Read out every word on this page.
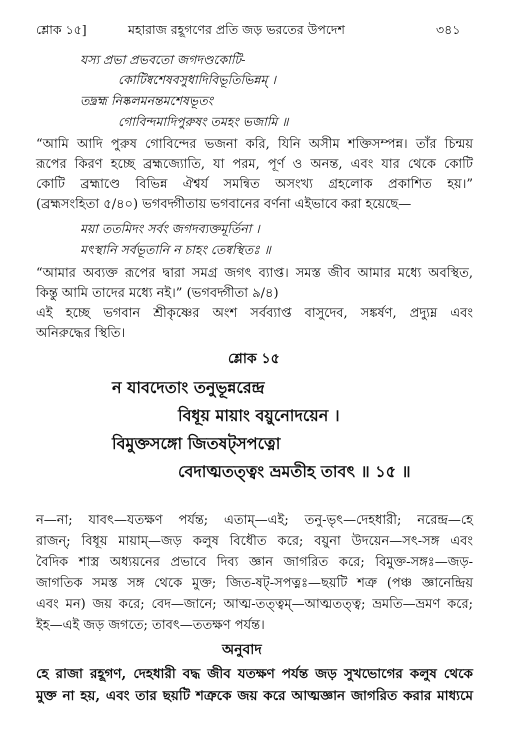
শ্লোক ১৫]	মহারাজ রহূগণের প্রতি জড় ভরতের উপদেশ	৩৪১
যস্য প্রভা প্রভবতো জগদণ্ডকোটি-
কোটিষ্বশেষবসুধাদিবিভূতিভিন্নম্ ।
তদ্ব্রহ্ম নিষ্কলমনন্তমশেষভূতং
গোবিন্দমাদিপুরুষং তমহং ভজামি ॥
“আমি আদি পুরুষ গোবিন্দের ভজনা করি, যিনি অসীম শক্তিসম্পন্ন। তাঁর চিন্ময়
রূপের কিরণ হচ্ছে ব্রহ্মজ্যোতি, যা পরম, পূর্ণ ও অনন্ত, এবং যার থেকে কোটি
কোটি ব্রহ্মাণ্ডে বিভিন্ন ঐশ্বর্য সমন্বিত অসংখ্য গ্রহলোক প্রকাশিত হয়।”
(ব্রহ্মসংহিতা ৫/৪০) ভগবদ্গীতায় ভগবানের বর্ণনা এইভাবে করা হয়েছে—
ময়া ততমিদং সর্বং জগদব্যক্তমূর্তিনা ।
মৎস্থানি সর্বভূতানি ন চাহং তেষ্বস্থিতঃ ॥
“আমার অব্যক্ত রূপের দ্বারা সমগ্র জগৎ ব্যাপ্ত। সমস্ত জীব আমার মধ্যে অবস্থিত,
কিন্তু আমি তাদের মধ্যে নই।” (ভগবদ্গীতা ৯/৪)
এই হচ্ছে ভগবান শ্রীকৃষ্ণের অংশ সর্বব্যাপ্ত বাসুদেব, সঙ্কর্ষণ, প্রদ্যুম্ন এবং
অনিরুদ্ধের স্থিতি।
শ্লোক ১৫
ন যাবদেতাং তনুভূন্নরেন্দ্র
বিধূয় মায়াং বয়ুনোদয়েন ।
বিমুক্তসঙ্গো জিতষট্সপত্নো
বেদাত্মতত্ত্বং ভ্রমতীহ তাবৎ ॥ ১৫ ॥
ন—না; যাবৎ—যতক্ষণ পর্যন্ত; এতাম্—এই; তনু-ভৃৎ—দেহধারী; নরেন্দ্র—হে
রাজন্; বিধূয় মায়াম্—জড় কলুষ বিধৌত করে; বয়ুনা উদয়েন—সৎ-সঙ্গ এবং
বৈদিক শাস্ত্র অধ্যয়নের প্রভাবে দিব্য জ্ঞান জাগরিত করে; বিমুক্ত-সঙ্গঃ—জড়-
জাগতিক সমস্ত সঙ্গ থেকে মুক্ত; জিত-ষট্-সপত্নঃ—ছয়টি শত্রু (পঞ্চ জ্ঞানেন্দ্রিয়
এবং মন) জয় করে; বেদ—জানে; আত্ম-তত্ত্বম্—আত্মতত্ত্ব; ভ্রমতি—ভ্রমণ করে;
ইহ—এই জড় জগতে; তাবৎ—ততক্ষণ পর্যন্ত।
অনুবাদ
হে রাজা রহূগণ, দেহধারী বদ্ধ জীব যতক্ষণ পর্যন্ত জড় সুখভোগের কলুষ থেকে
মুক্ত না হয়, এবং তার ছয়টি শত্রুকে জয় করে আত্মজ্ঞান জাগরিত করার মাধ্যমে
